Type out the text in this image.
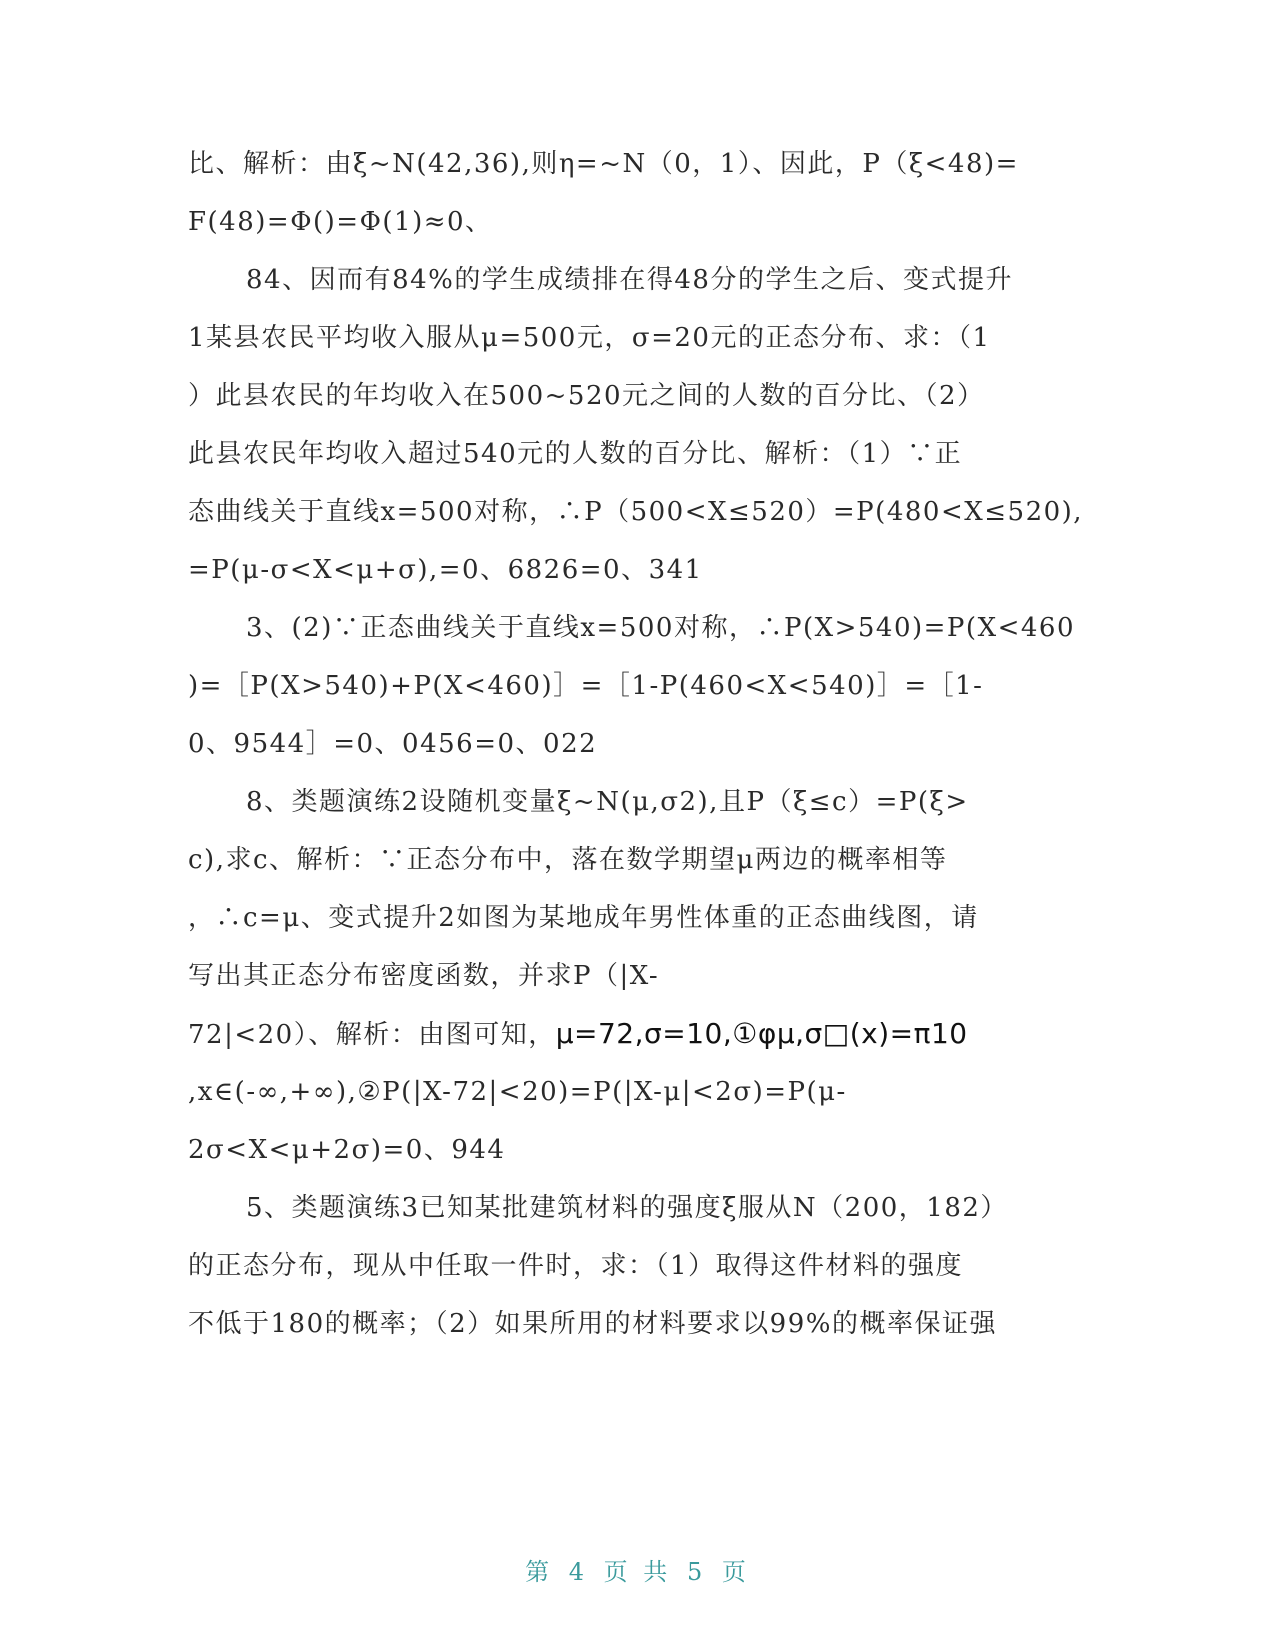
比、解析：由ξ~N(42,36),则η=~N（0，1）、因此，P（ξ<48)=
F(48)=Φ()=Φ(1)≈0、
84、因而有84%的学生成绩排在得48分的学生之后、变式提升
1某县农民平均收入服从μ=500元，σ=20元的正态分布、求：（1
）此县农民的年均收入在500~520元之间的人数的百分比、（2）
此县农民年均收入超过540元的人数的百分比、解析：（1）∵正
态曲线关于直线x=500对称，∴P（500<X≤520）=P(480<X≤520),
=P(μ-σ<X<μ+σ),=0、6826=0、341
3、(2)∵正态曲线关于直线x=500对称，∴P(X>540)=P(X<460
)=［P(X>540)+P(X<460)］=［1-P(460<X<540)］=［1-
0、9544］=0、0456=0、022
8、类题演练2设随机变量ξ~N(μ,σ2),且P（ξ≤c）=P(ξ>
c),求c、解析：∵正态分布中，落在数学期望μ两边的概率相等
，∴c=μ、变式提升2如图为某地成年男性体重的正态曲线图，请
写出其正态分布密度函数，并求P（|X-
72|<20）、解析：由图可知，μ=72,σ=10,①φμ,σ□(x)=π10
,x∈(-∞,+∞),②P(|X-72|<20)=P(|X-μ|<2σ)=P(μ-
2σ<X<μ+2σ)=0、944
5、类题演练3已知某批建筑材料的强度ξ服从N（200，182）
的正态分布，现从中任取一件时，求：（1）取得这件材料的强度
不低于180的概率；（2）如果所用的材料要求以99%的概率保证强
第 4 页 共 5 页
